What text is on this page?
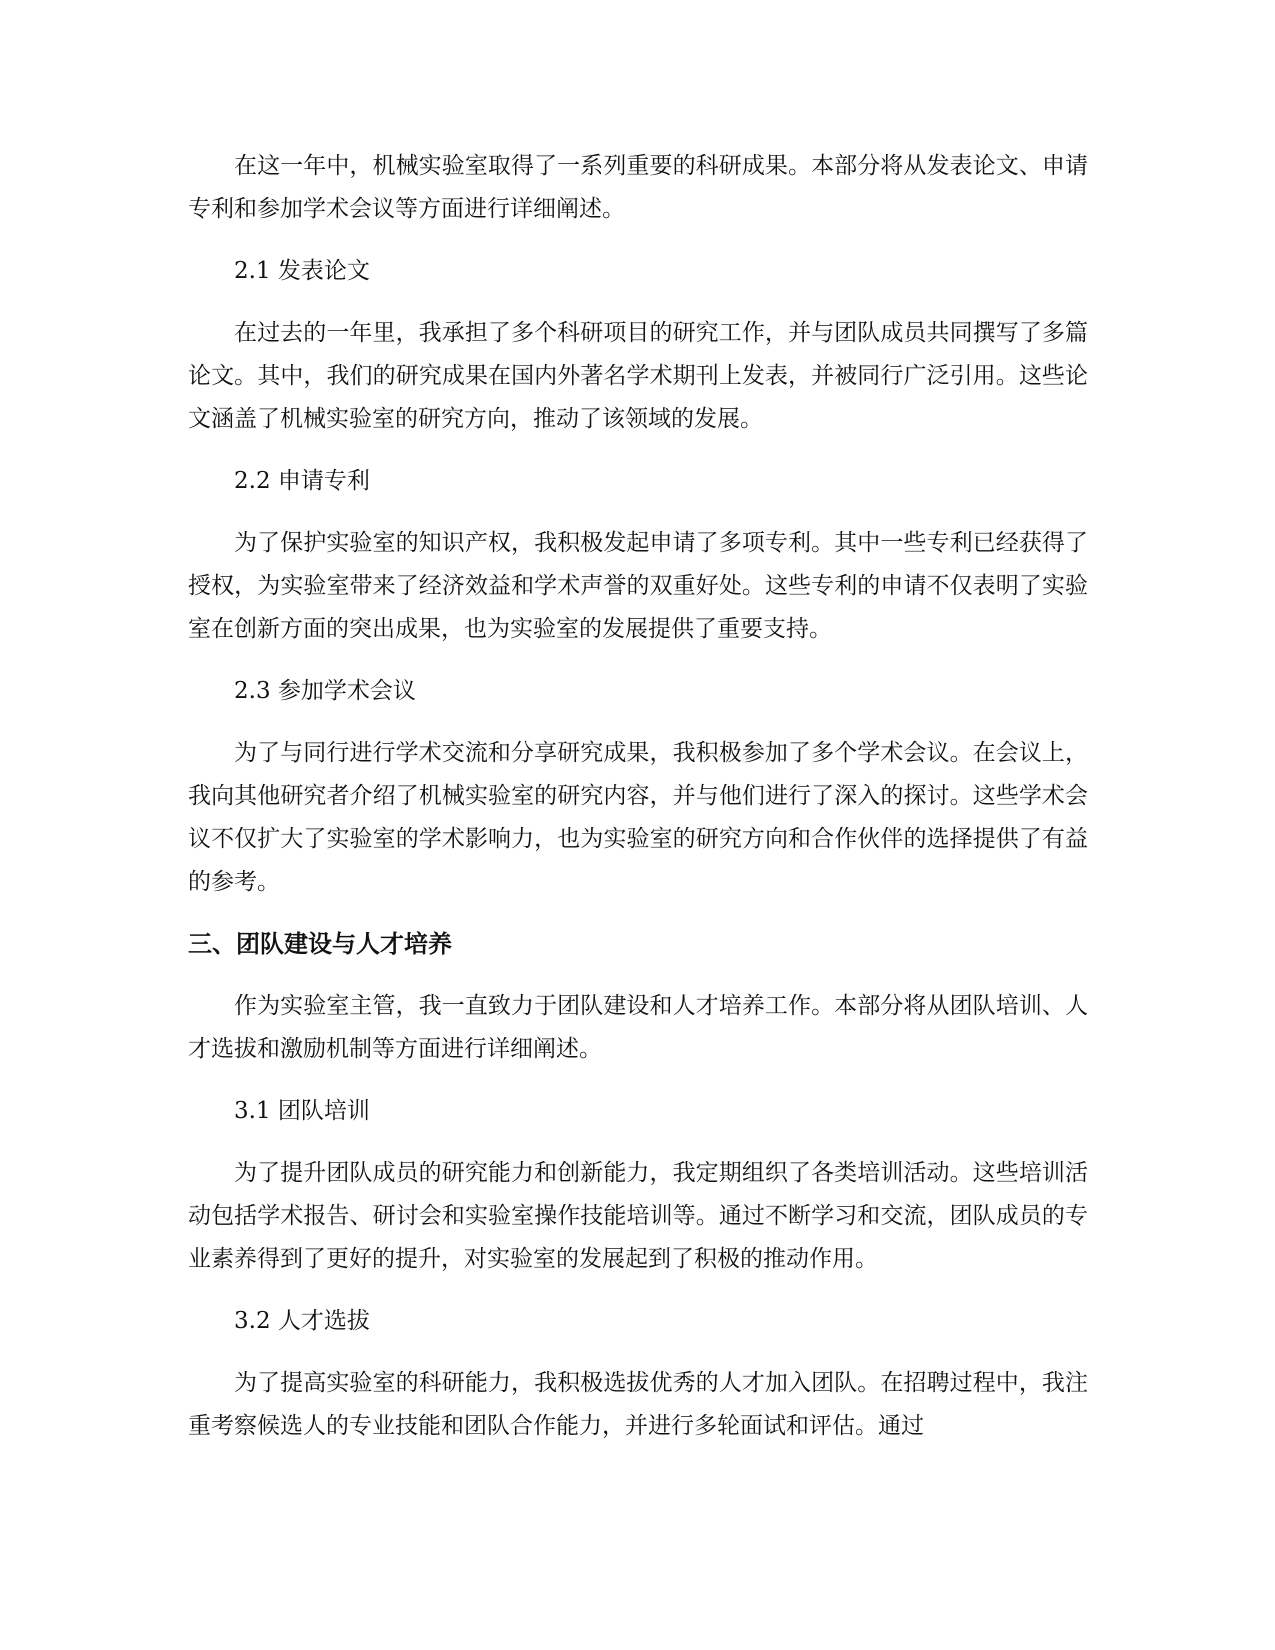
在这一年中，机械实验室取得了一系列重要的科研成果。本部分将从发表论文、申请专利和参加学术会议等方面进行详细阐述。

2.1 发表论文

在过去的一年里，我承担了多个科研项目的研究工作，并与团队成员共同撰写了多篇论文。其中，我们的研究成果在国内外著名学术期刊上发表，并被同行广泛引用。这些论文涵盖了机械实验室的研究方向，推动了该领域的发展。

2.2 申请专利

为了保护实验室的知识产权，我积极发起申请了多项专利。其中一些专利已经获得了授权，为实验室带来了经济效益和学术声誉的双重好处。这些专利的申请不仅表明了实验室在创新方面的突出成果，也为实验室的发展提供了重要支持。

2.3 参加学术会议

为了与同行进行学术交流和分享研究成果，我积极参加了多个学术会议。在会议上，我向其他研究者介绍了机械实验室的研究内容，并与他们进行了深入的探讨。这些学术会议不仅扩大了实验室的学术影响力，也为实验室的研究方向和合作伙伴的选择提供了有益的参考。

三、团队建设与人才培养

作为实验室主管，我一直致力于团队建设和人才培养工作。本部分将从团队培训、人才选拔和激励机制等方面进行详细阐述。

3.1 团队培训

为了提升团队成员的研究能力和创新能力，我定期组织了各类培训活动。这些培训活动包括学术报告、研讨会和实验室操作技能培训等。通过不断学习和交流，团队成员的专业素养得到了更好的提升，对实验室的发展起到了积极的推动作用。

3.2 人才选拔

为了提高实验室的科研能力，我积极选拔优秀的人才加入团队。在招聘过程中，我注重考察候选人的专业技能和团队合作能力，并进行多轮面试和评估。通过
